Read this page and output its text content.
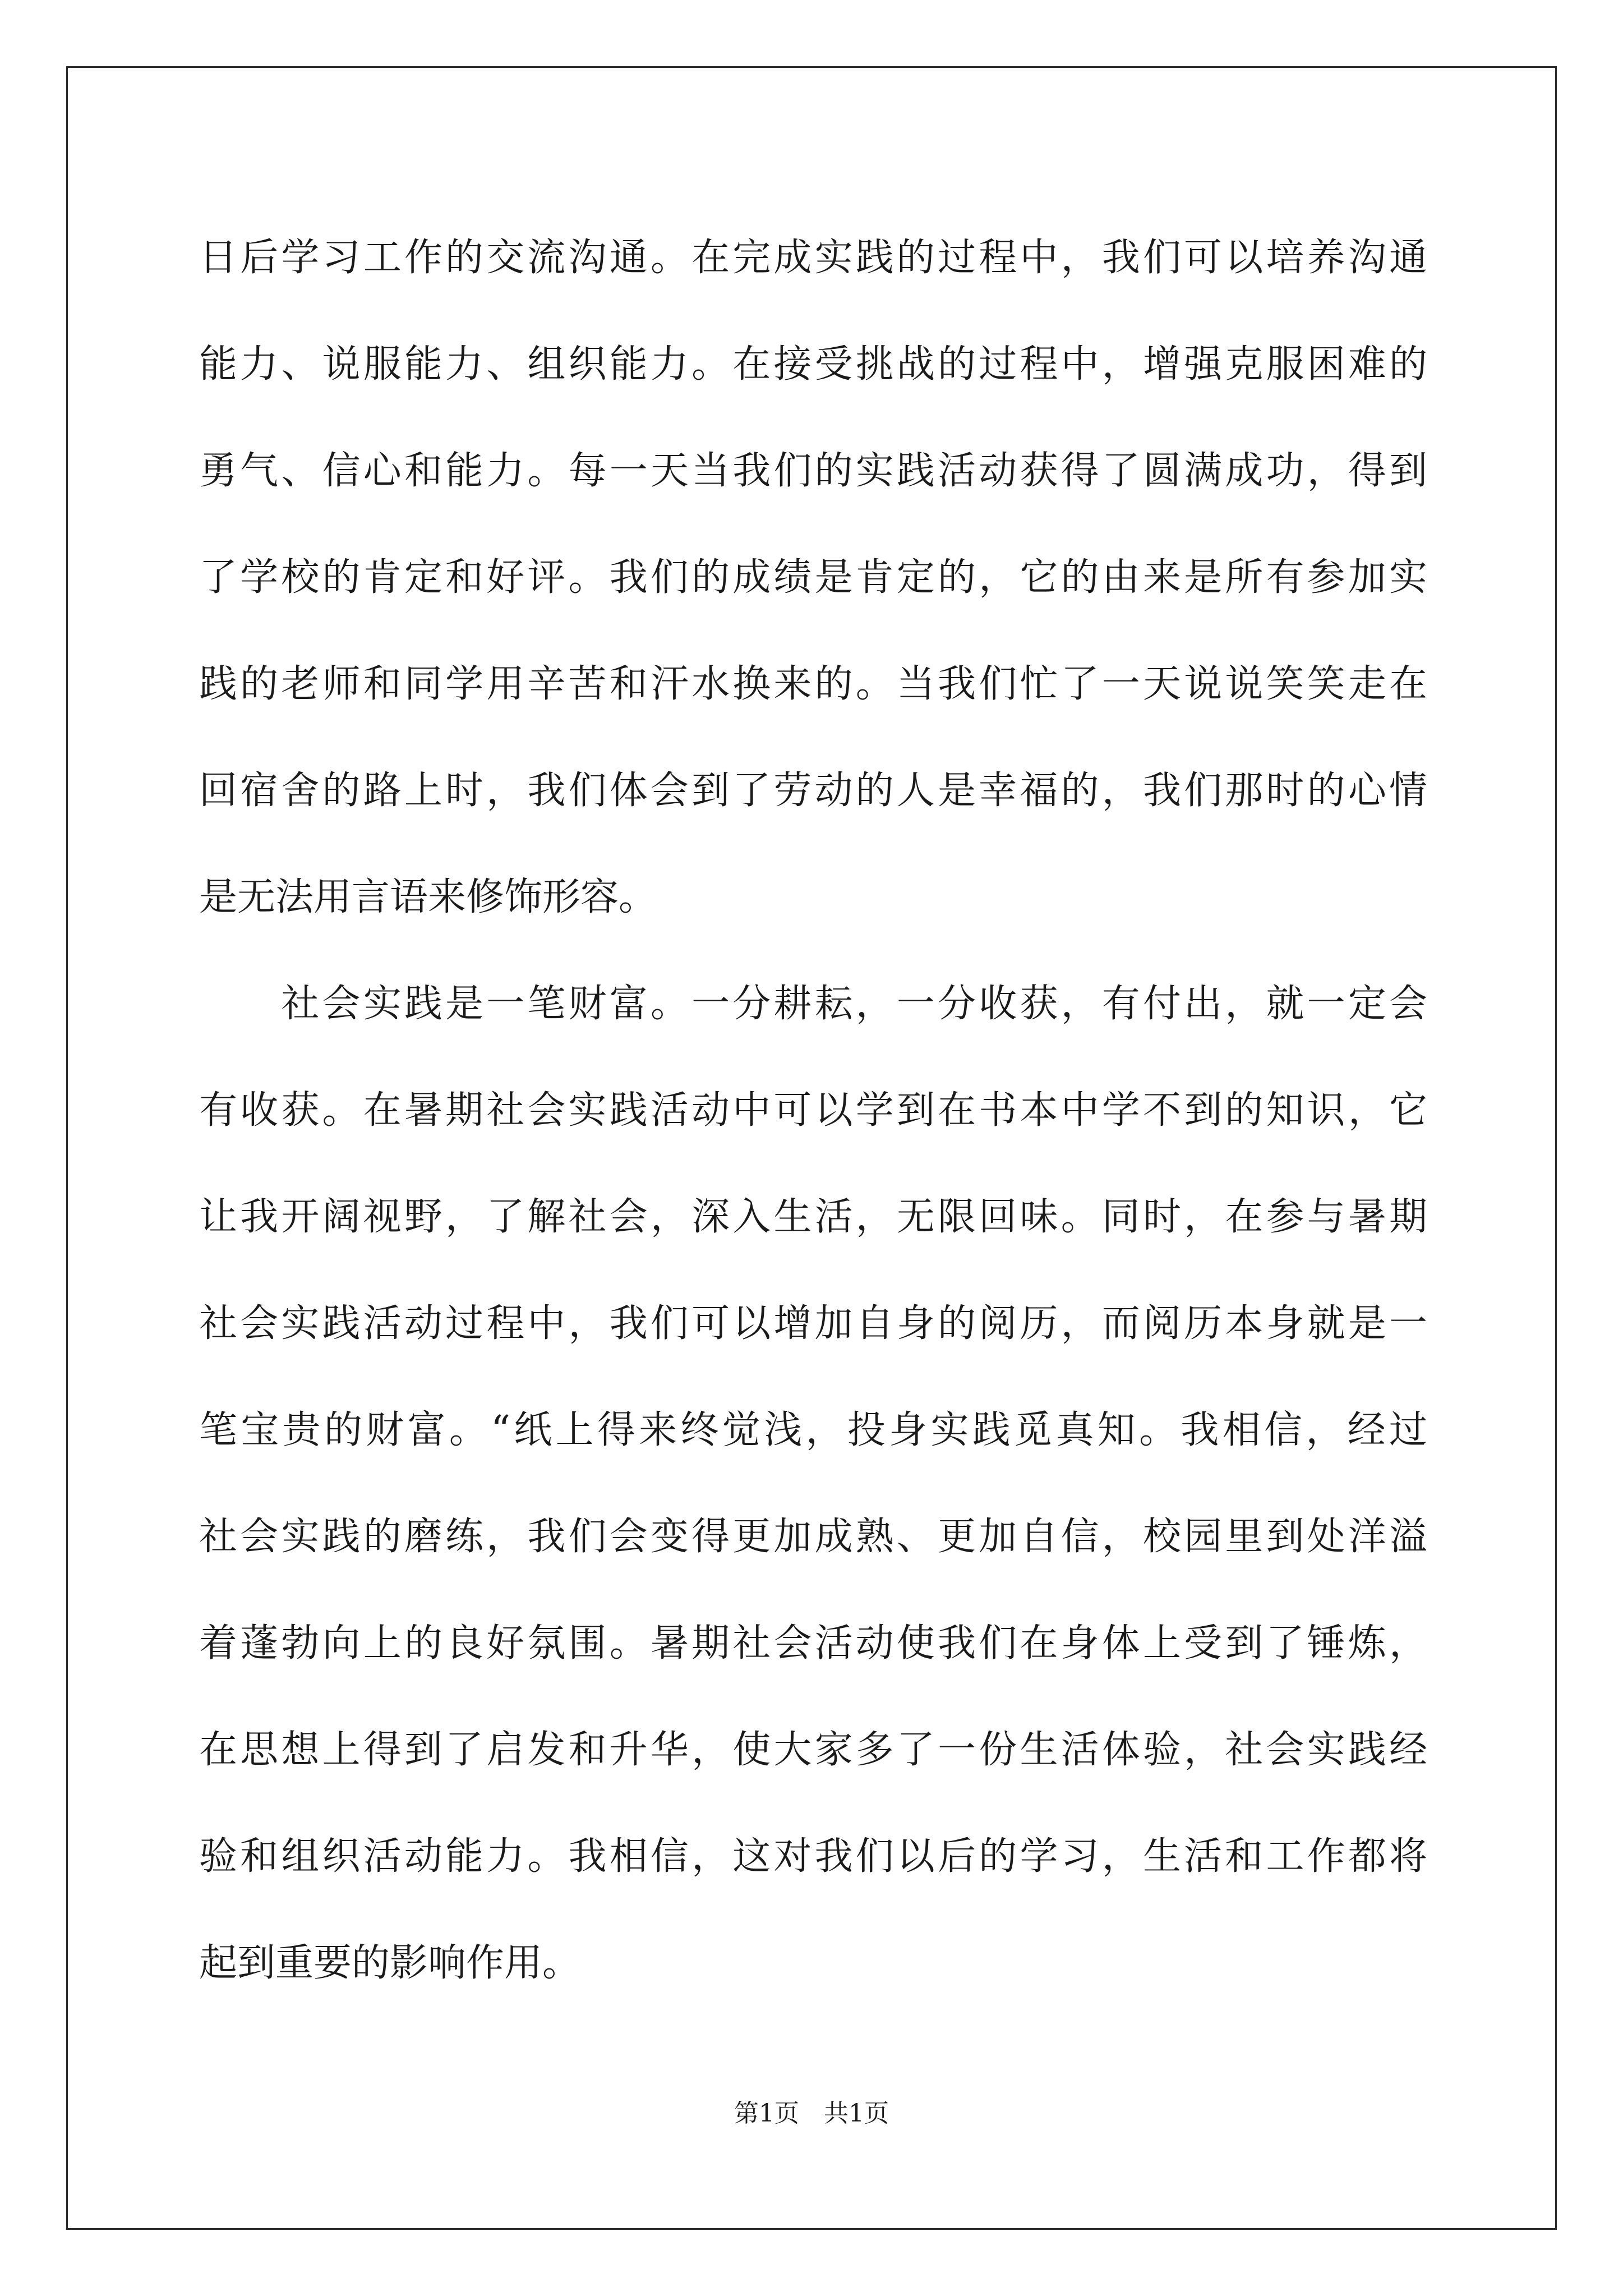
日后学习工作的交流沟通。在完成实践的过程中，我们可以培养沟通
能力、说服能力、组织能力。在接受挑战的过程中，增强克服困难的
勇气、信心和能力。每一天当我们的实践活动获得了圆满成功，得到
了学校的肯定和好评。我们的成绩是肯定的，它的由来是所有参加实
践的老师和同学用辛苦和汗水换来的。当我们忙了一天说说笑笑走在
回宿舍的路上时，我们体会到了劳动的人是幸福的，我们那时的心情
是无法用言语来修饰形容。
　　社会实践是一笔财富。一分耕耘，一分收获，有付出，就一定会
有收获。在暑期社会实践活动中可以学到在书本中学不到的知识，它
让我开阔视野，了解社会，深入生活，无限回味。同时，在参与暑期
社会实践活动过程中，我们可以增加自身的阅历，而阅历本身就是一
笔宝贵的财富。“纸上得来终觉浅，投身实践觅真知。我相信，经过
社会实践的磨练，我们会变得更加成熟、更加自信，校园里到处洋溢
着蓬勃向上的良好氛围。暑期社会活动使我们在身体上受到了锤炼，
在思想上得到了启发和升华，使大家多了一份生活体验，社会实践经
验和组织活动能力。我相信，这对我们以后的学习，生活和工作都将
起到重要的影响作用。
第1页 共1页
